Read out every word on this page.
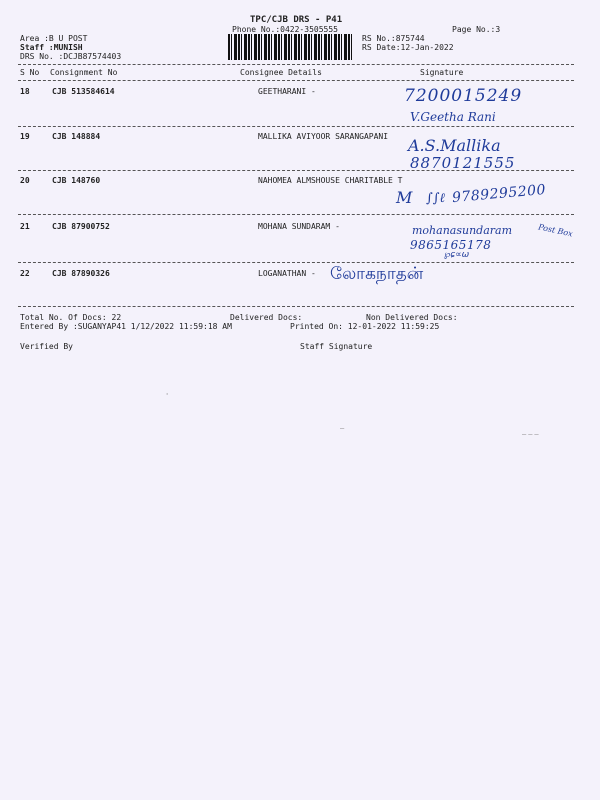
TPC/CJB DRS - P41
Phone No.:0422-3505555	Page No.:3
Area :B U POST
Staff :MUNISH
DRS No. :DCJB87574403
RS No.:875744
RS Date:12-Jan-2022
S No Consignment No	Consignee Details	Signature
18	CJB 513584614	GEETHARANI -	7200015249
V.Geetha Rani
19	CJB 148884	MALLIKA AVIYOOR SARANGAPANI A.S.Mallika
8870121555
20	CJB 148760	NAHOMEA ALMSHOUSE CHARITABLE T
M ∫∫ℓ 9789295200
21	CJB 87900752	MOHANA SUNDARAM -	mohanasundaram
9865165178
Post Box
℘ɕ∝ω
22	CJB 87890326	LOGANATHAN - லோகநாதன்
Total No. Of Docs: 22	Delivered Docs:	Non Delivered Docs:
Entered By :SUGANYAP41 1/12/2022 11:59:18 AM	Printed On: 12-01-2022 11:59:25
Verified By	Staff Signature
–
–––
'
